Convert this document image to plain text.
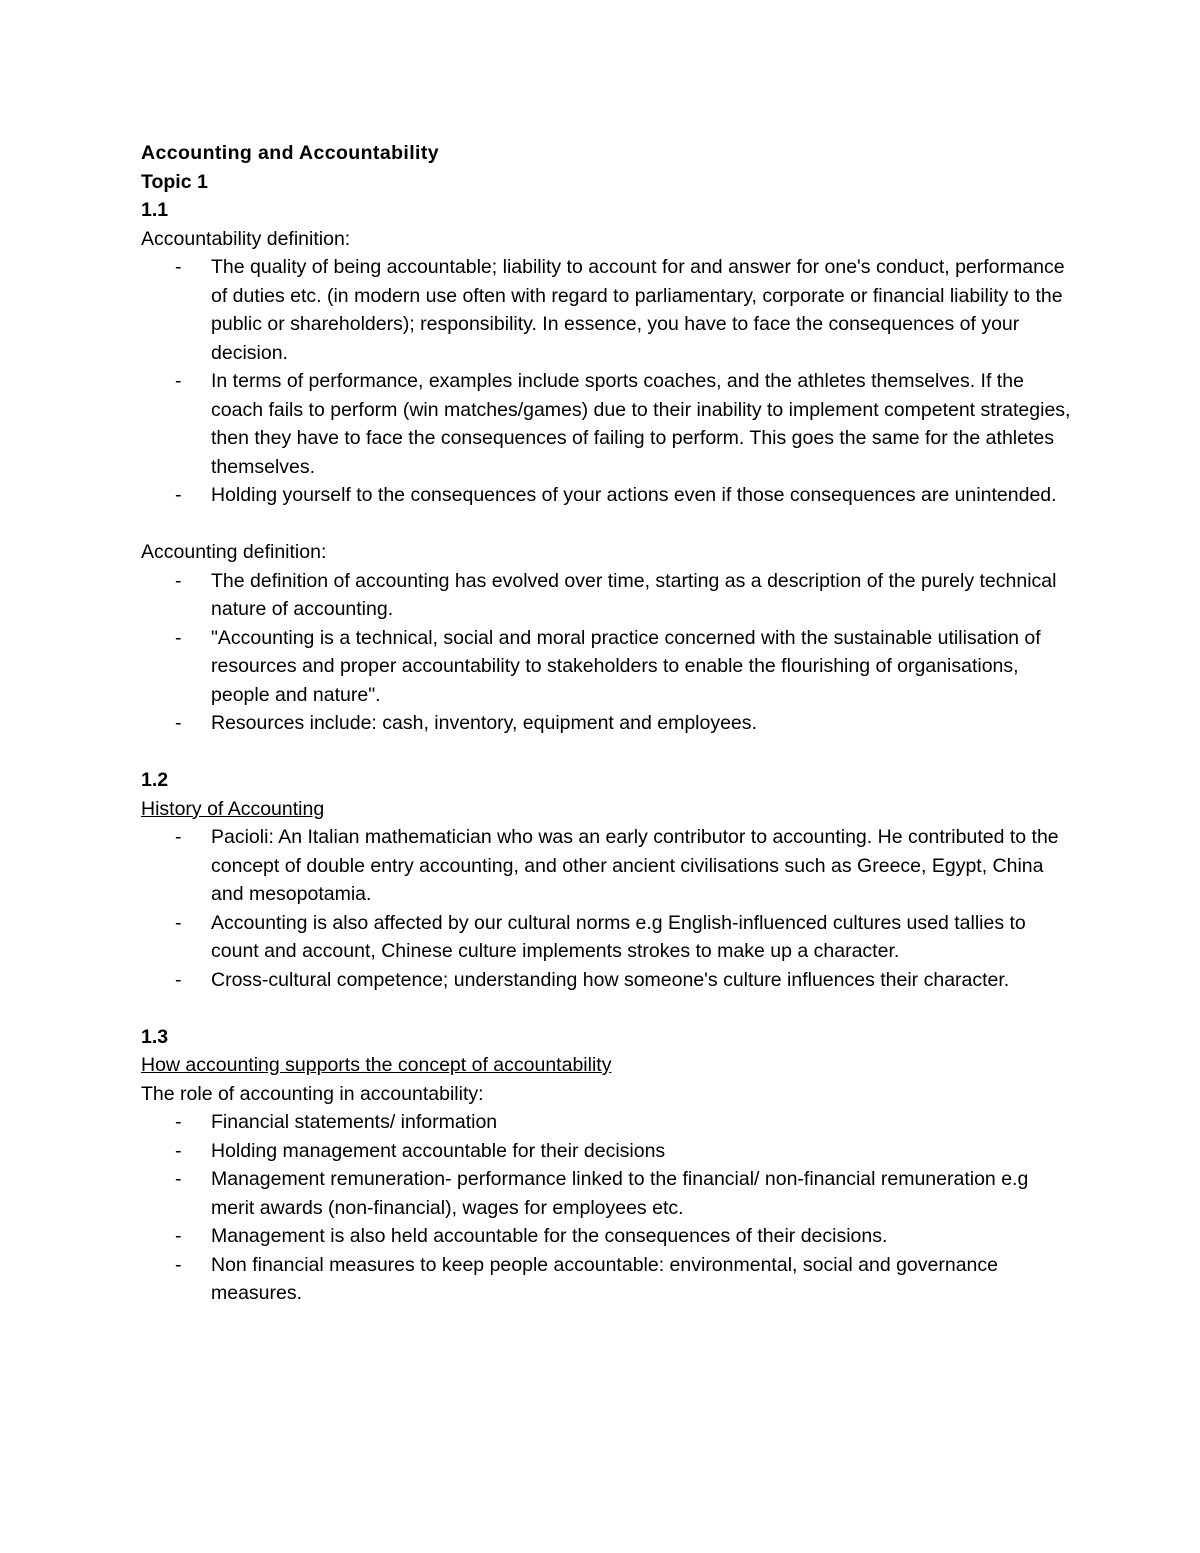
Accounting and Accountability
Topic 1
1.1
Accountability definition:
- The quality of being accountable; liability to account for and answer for one's conduct, performance of duties etc. (in modern use often with regard to parliamentary, corporate or financial liability to the public or shareholders); responsibility. In essence, you have to face the consequences of your decision.
- In terms of performance, examples include sports coaches, and the athletes themselves. If the coach fails to perform (win matches/games) due to their inability to implement competent strategies, then they have to face the consequences of failing to perform. This goes the same for the athletes themselves.
- Holding yourself to the consequences of your actions even if those consequences are unintended.
Accounting definition:
- The definition of accounting has evolved over time, starting as a description of the purely technical nature of accounting.
- "Accounting is a technical, social and moral practice concerned with the sustainable utilisation of resources and proper accountability to stakeholders to enable the flourishing of organisations, people and nature".
- Resources include: cash, inventory, equipment and employees.
1.2
History of Accounting
- Pacioli: An Italian mathematician who was an early contributor to accounting. He contributed to the concept of double entry accounting, and other ancient civilisations such as Greece, Egypt, China and mesopotamia.
- Accounting is also affected by our cultural norms e.g English-influenced cultures used tallies to count and account, Chinese culture implements strokes to make up a character.
- Cross-cultural competence; understanding how someone's culture influences their character.
1.3
How accounting supports the concept of accountability
The role of accounting in accountability:
- Financial statements/ information
- Holding management accountable for their decisions
- Management remuneration- performance linked to the financial/ non-financial remuneration e.g merit awards (non-financial), wages for employees etc.
- Management is also held accountable for the consequences of their decisions.
- Non financial measures to keep people accountable: environmental, social and governance measures.
